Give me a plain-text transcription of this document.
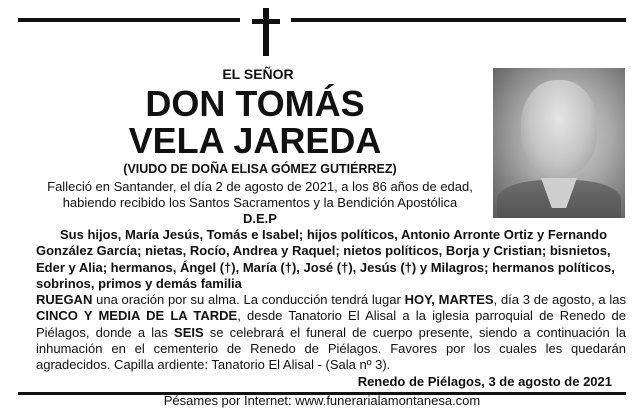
EL SEÑOR
DON TOMÁS
VELA JAREDA
(VIUDO DE DOÑA ELISA GÓMEZ GUTIÉRREZ)
Falleció en Santander, el día 2 de agosto de 2021, a los 86 años de edad,
habiendo recibido los Santos Sacramentos y la Bendición Apostólica
D.E.P
Sus hijos, María Jesús, Tomás e Isabel; hijos políticos, Antonio Arronte Ortiz y Fernando González García; nietas, Rocío, Andrea y Raquel; nietos políticos, Borja y Cristian; bisnietos, Eder y Alia; hermanos, Ángel (†), María (†), José (†), Jesús (†) y Milagros; hermanos políticos, sobrinos, primos y demás familia
RUEGAN una oración por su alma. La conducción tendrá lugar HOY, MARTES, día 3 de agosto, a las CINCO Y MEDIA DE LA TARDE, desde Tanatorio El Alisal a la iglesia parroquial de Renedo de Piélagos, donde a las SEIS se celebrará el funeral de cuerpo presente, siendo a continuación la inhumación en el cementerio de Renedo de Piélagos. Favores por los cuales les quedarán agradecidos. Capilla ardiente: Tanatorio El Alisal - (Sala nº 3).
Renedo de Piélagos, 3 de agosto de 2021
Pésames por Internet: www.funerarialamontanesa.com
